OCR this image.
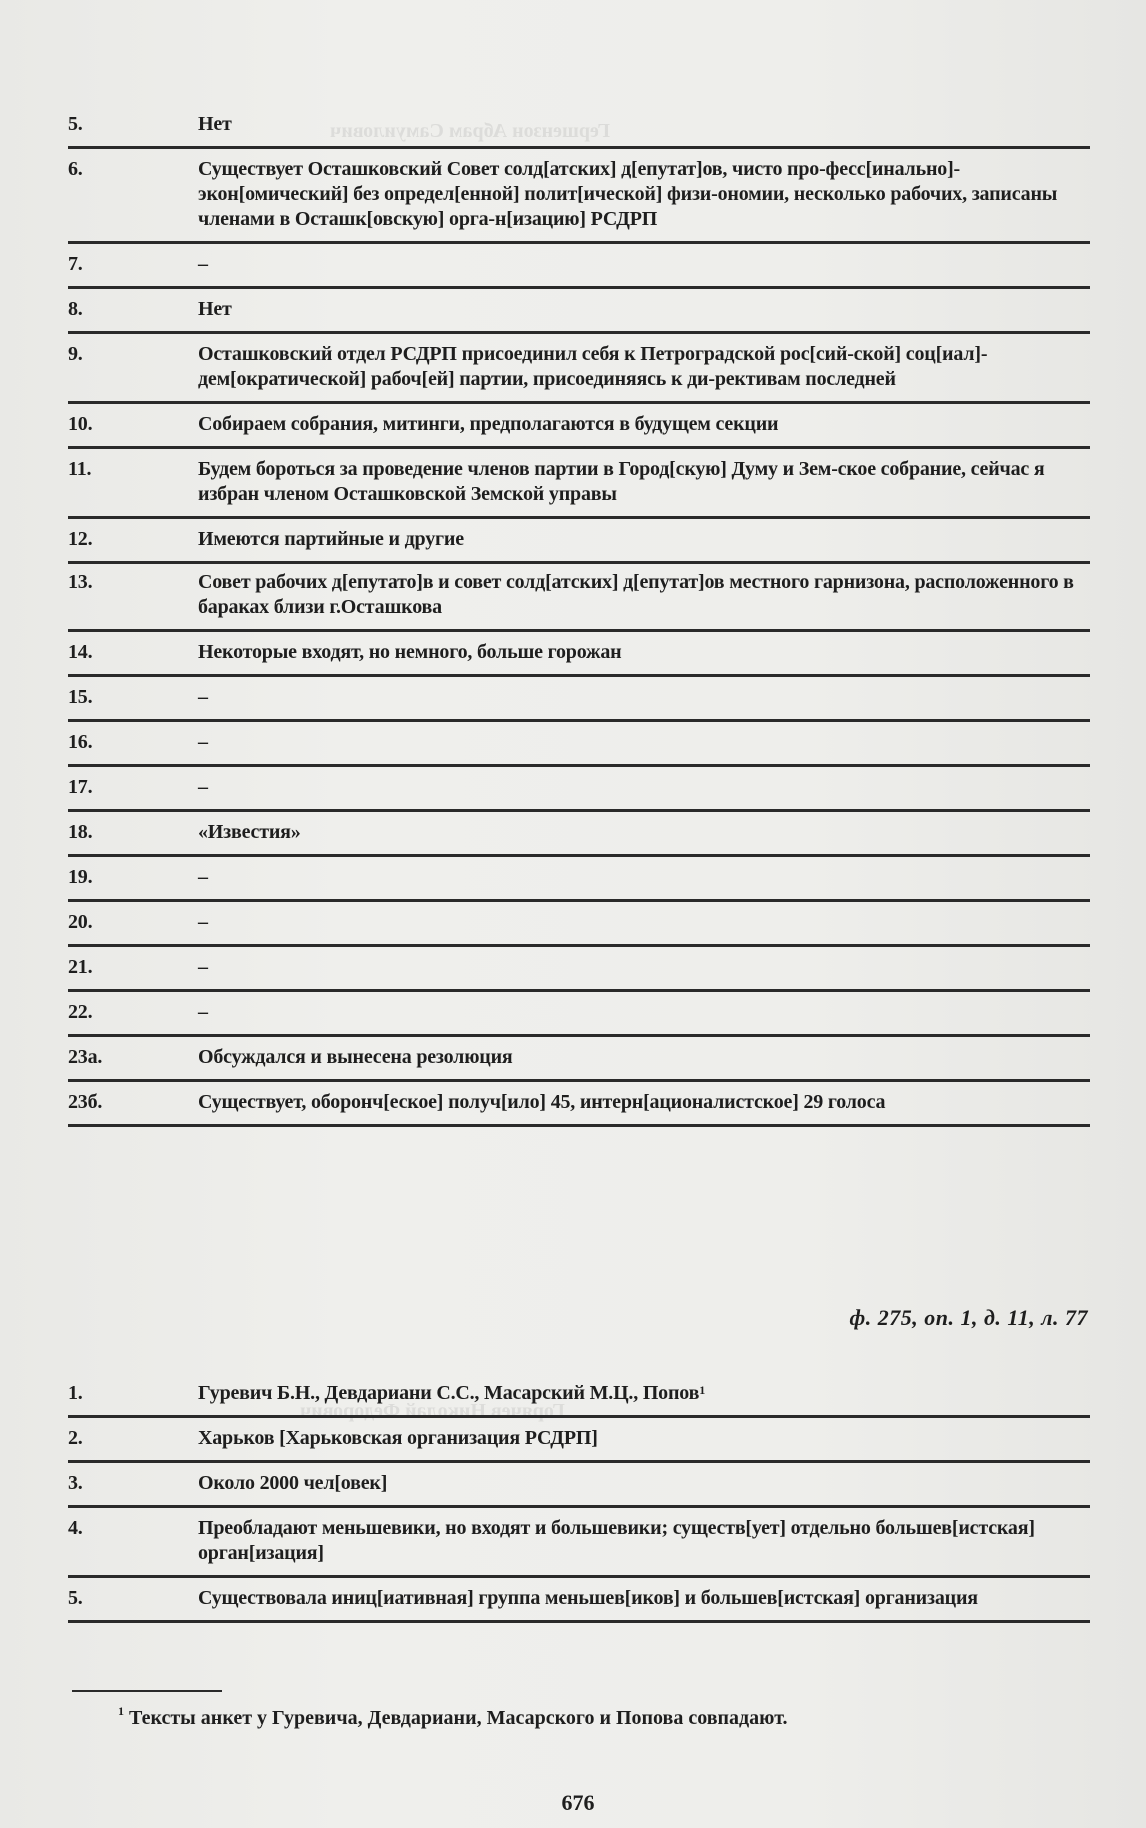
Гершензон Абрам Самуилович
Горячев Николай Федорович
5.	Нет
6.	Существует Осташковский Совет солд[атских] д[епутат]ов, чисто про-фесс[инально]-экон[омический] без определ[енной] полит[ической] физи-ономии, несколько рабочих, записаны членами в Осташк[овскую] орга-н[изацию] РСДРП
7.	–
8.	Нет
9.	Осташковский отдел РСДРП присоединил себя к Петроградской рос[сий-ской] соц[иал]-дем[ократической] рабоч[ей] партии, присоединяясь к ди-рективам последней
10.	Собираем собрания, митинги, предполагаются в будущем секции
11.	Будем бороться за проведение членов партии в Город[скую] Думу и Зем-ское собрание, сейчас я избран членом Осташковской Земской управы
12.	Имеются партийные и другие
13.	Совет рабочих д[епутато]в и совет солд[атских] д[епутат]ов местного гарнизона, расположенного в бараках близи г.Осташкова
14.	Некоторые входят, но немного, больше горожан
15.	–
16.	–
17.	–
18.	«Известия»
19.	–
20.	–
21.	–
22.	–
23а.	Обсуждался и вынесена резолюция
23б.	Существует, оборонч[еское] получ[ило] 45, интерн[ационалистское] 29 голоса
ф. 275, оп. 1, д. 11, л. 77
1.	Гуревич Б.Н., Девдариани С.С., Масарский М.Ц., Попов$^1$
2.	Харьков [Харьковская организация РСДРП]
3.	Около 2000 чел[овек]
4.	Преобладают меньшевики, но входят и большевики; существ[ует] отдельно большев[истская] орган[изация]
5.	Существовала иниц[иативная] группа меньшев[иков] и большев[истская] организация
$^1$ Тексты анкет у Гуревича, Девдариани, Масарского и Попова совпадают.
676
